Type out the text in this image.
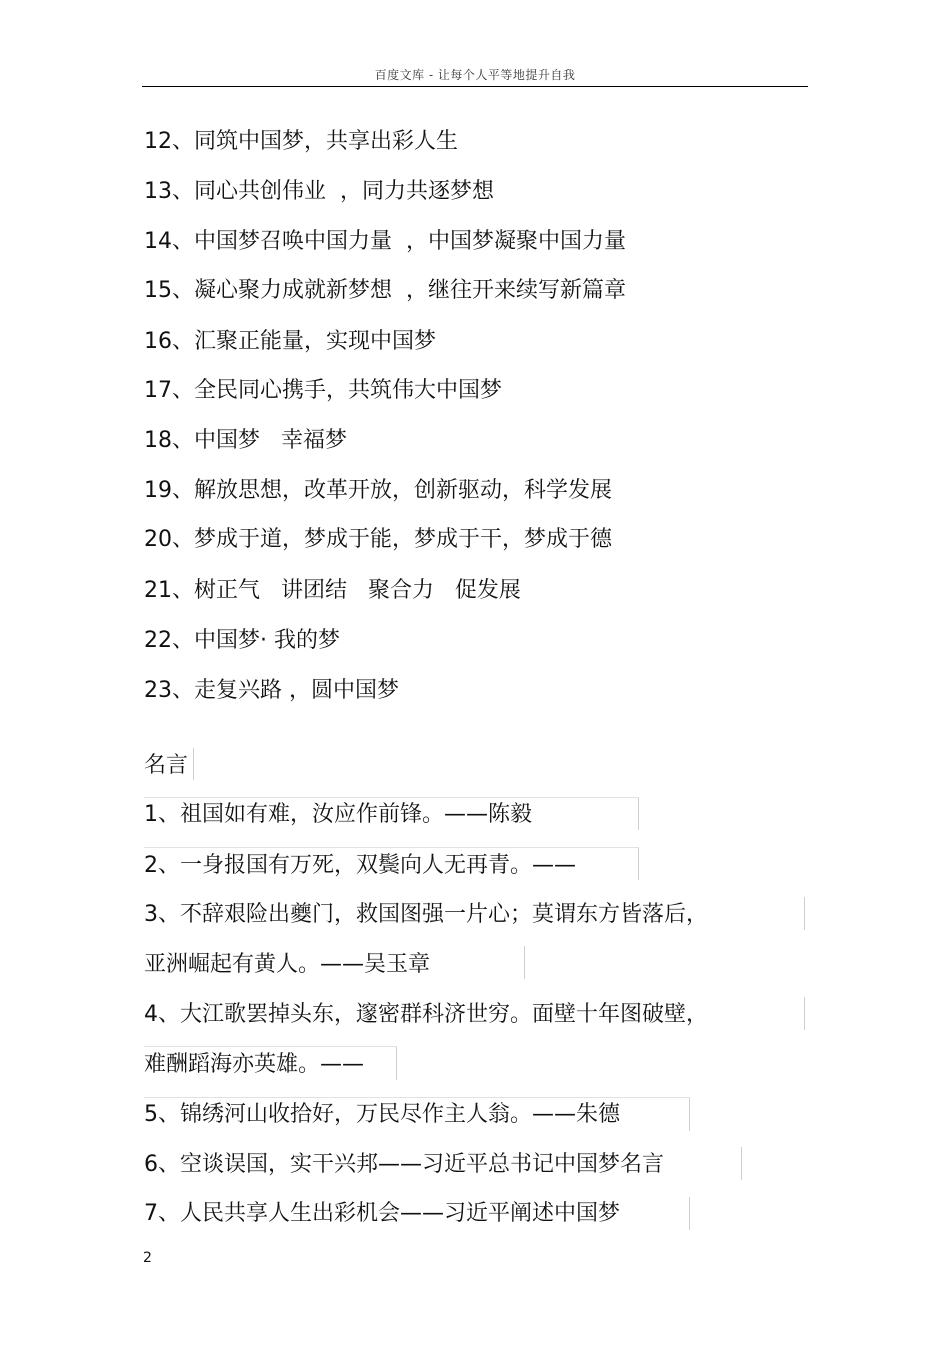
百度文库 - 让每个人平等地提升自我
12、同筑中国梦，共享出彩人生
13、同心共创伟业  ，同力共逐梦想
14、中国梦召唤中国力量  ，中国梦凝聚中国力量
15、凝心聚力成就新梦想  ，继往开来续写新篇章
16、汇聚正能量，实现中国梦
17、全民同心携手，共筑伟大中国梦
18、中国梦   幸福梦
19、解放思想，改革开放，创新驱动，科学发展
20、梦成于道，梦成于能，梦成于干，梦成于德
21、树正气   讲团结   聚合力   促发展
22、中国梦· 我的梦
23、走复兴路 ，圆中国梦
名言
1、祖国如有难，汝应作前锋。——陈毅
2、一身报国有万死，双鬓向人无再青。——
3、不辞艰险出夔门，救国图强一片心；莫谓东方皆落后，
亚洲崛起有黄人。——吴玉章
4、大江歌罢掉头东，邃密群科济世穷。面壁十年图破壁，
难酬蹈海亦英雄。——
5、锦绣河山收拾好，万民尽作主人翁。——朱德
6、空谈误国，实干兴邦——习近平总书记中国梦名言
7、人民共享人生出彩机会——习近平阐述中国梦
2
